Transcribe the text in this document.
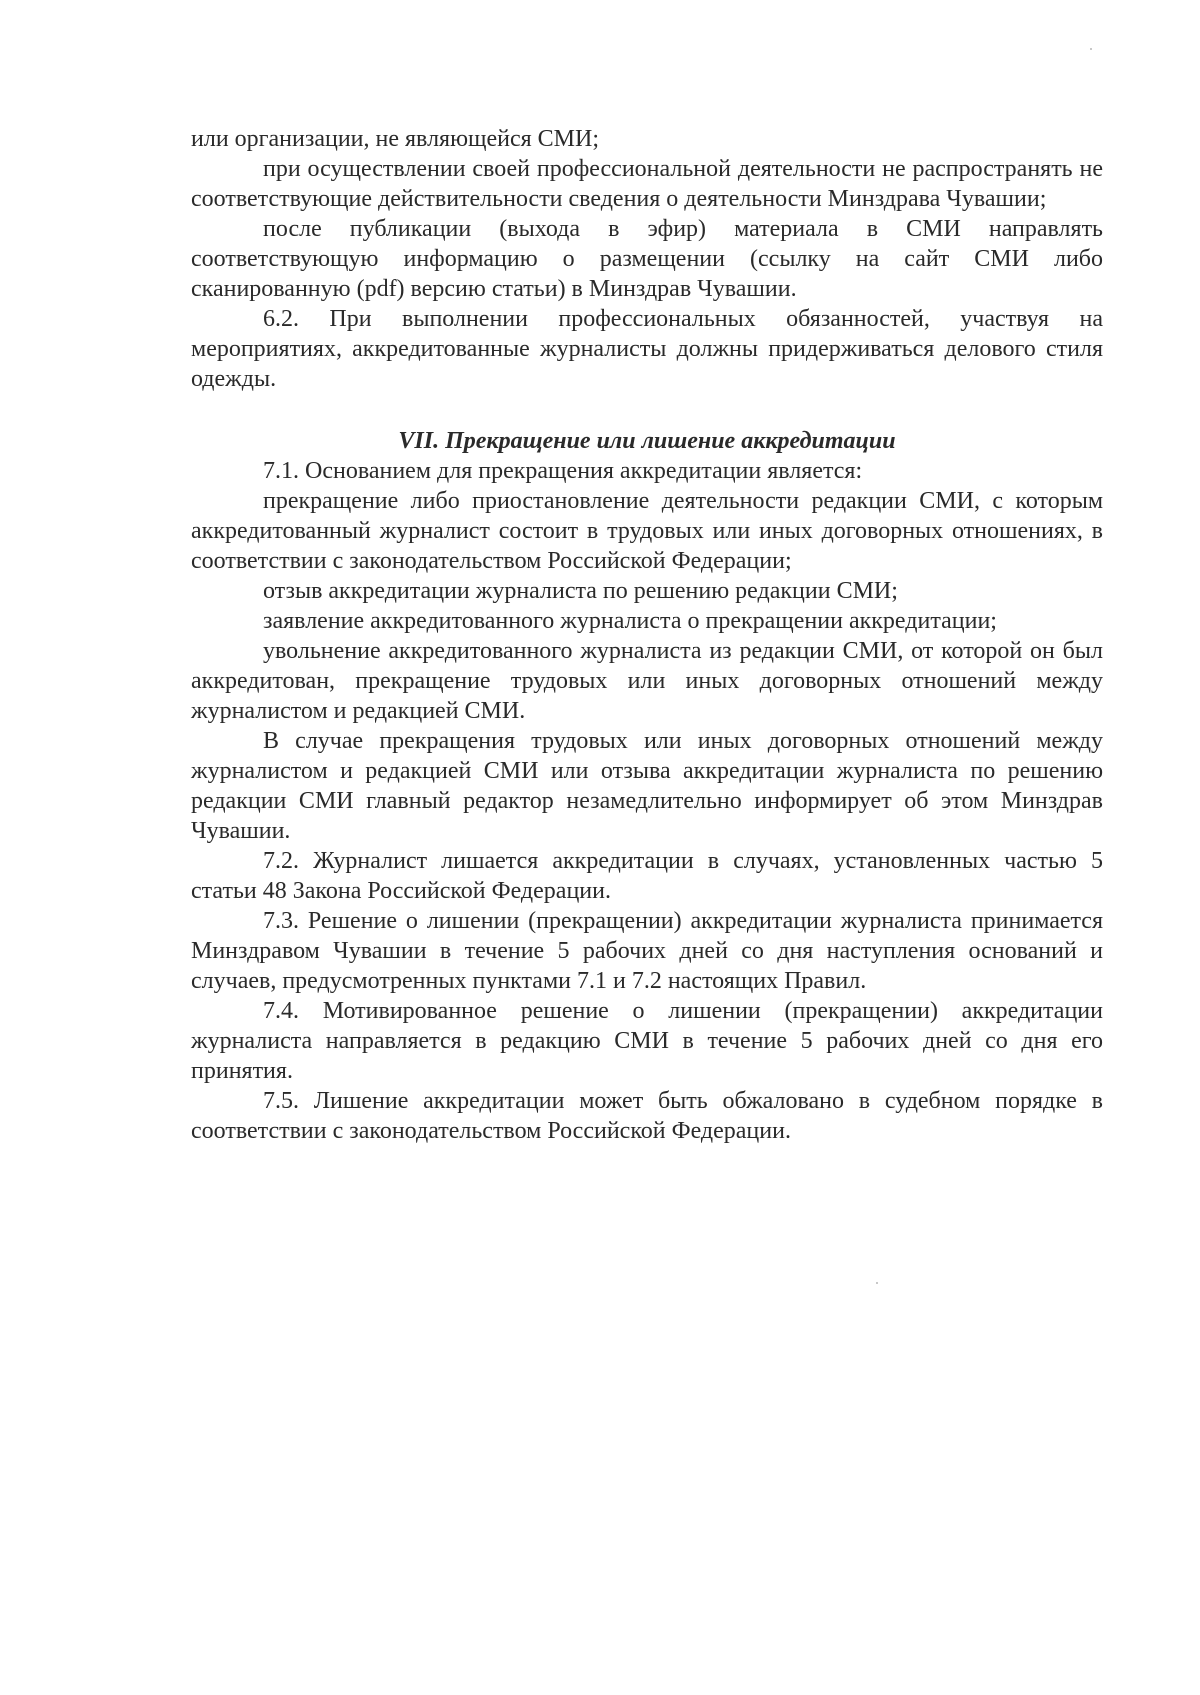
или организации, не являющейся СМИ;

при осуществлении своей профессиональной деятельности не распространять не соответствующие действительности сведения о деятельности Минздрава Чувашии;

после публикации (выхода в эфир) материала в СМИ направлять соответствующую информацию о размещении (ссылку на сайт СМИ либо сканированную (pdf) версию статьи) в Минздрав Чувашии.

6.2. При выполнении профессиональных обязанностей, участвуя на мероприятиях, аккредитованные журналисты должны придерживаться делового стиля одежды.

VII. Прекращение или лишение аккредитации

7.1. Основанием для прекращения аккредитации является:

прекращение либо приостановление деятельности редакции СМИ, с которым аккредитованный журналист состоит в трудовых или иных договорных отношениях, в соответствии с законодательством Российской Федерации;

отзыв аккредитации журналиста по решению редакции СМИ;

заявление аккредитованного журналиста о прекращении аккредитации;

увольнение аккредитованного журналиста из редакции СМИ, от которой он был аккредитован, прекращение трудовых или иных договорных отношений между журналистом и редакцией СМИ.

В случае прекращения трудовых или иных договорных отношений между журналистом и редакцией СМИ или отзыва аккредитации журналиста по решению редакции СМИ главный редактор незамедлительно информирует об этом Минздрав Чувашии.

7.2. Журналист лишается аккредитации в случаях, установленных частью 5 статьи 48 Закона Российской Федерации.

7.3. Решение о лишении (прекращении) аккредитации журналиста принимается Минздравом Чувашии в течение 5 рабочих дней со дня наступления оснований и случаев, предусмотренных пунктами 7.1 и 7.2 настоящих Правил.

7.4. Мотивированное решение о лишении (прекращении) аккредитации журналиста направляется в редакцию СМИ в течение 5 рабочих дней со дня его принятия.

7.5. Лишение аккредитации может быть обжаловано в судебном порядке в соответствии с законодательством Российской Федерации.
